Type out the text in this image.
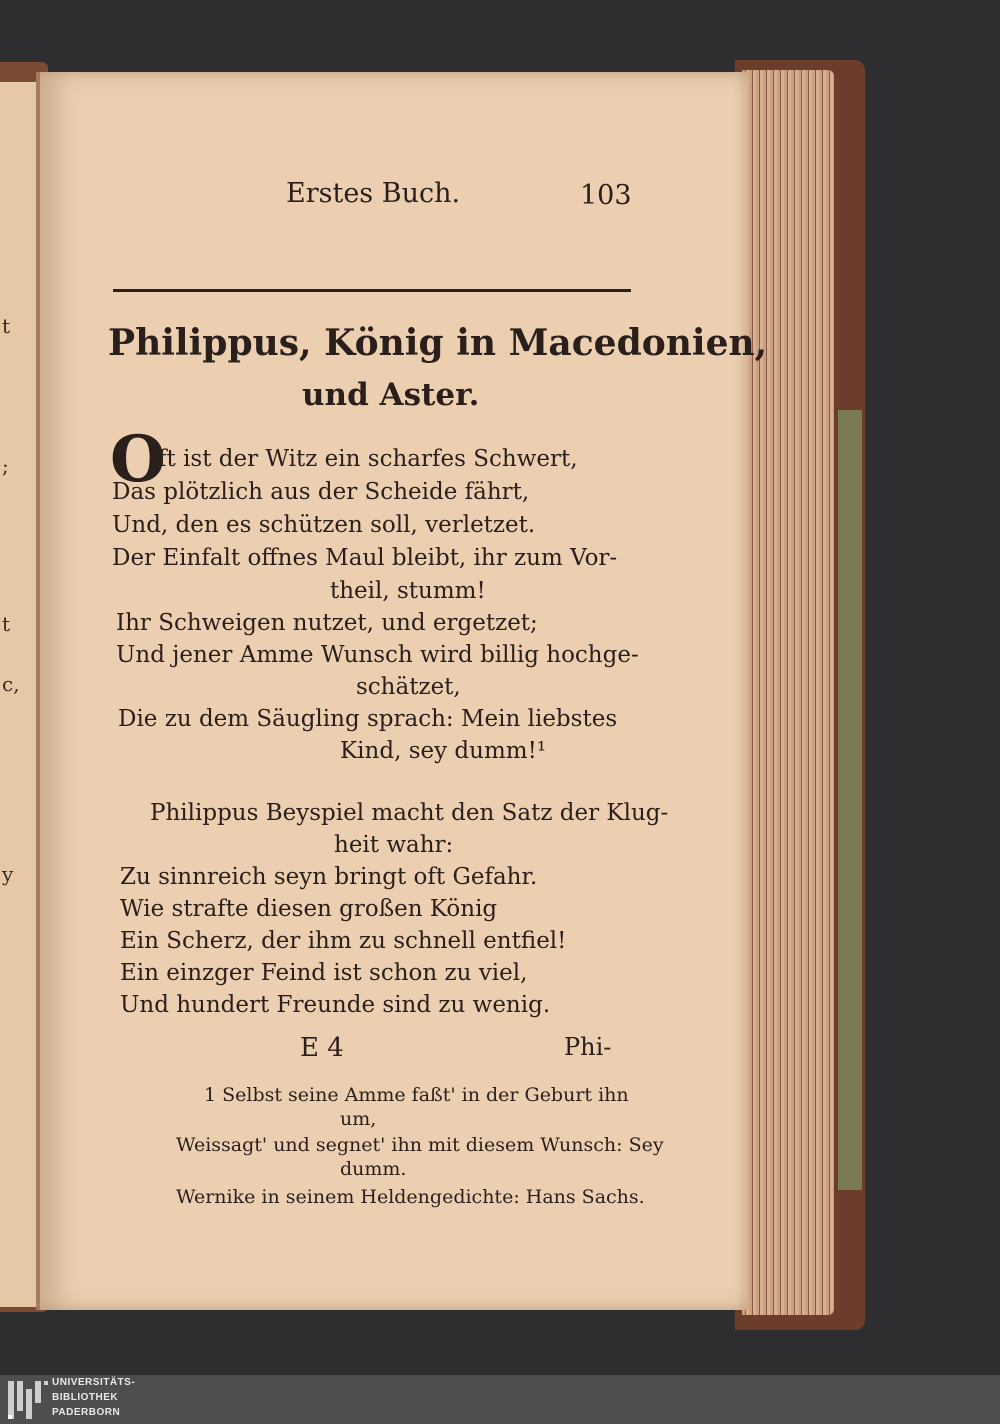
t
;
t
c,
y
Erstes Buch.	103
Philippus, König in Macedonien,
und Aster.
O
ft ist der Witz ein scharfes Schwert,
Das plötzlich aus der Scheide fährt,
Und, den es schützen soll, verletzet.
Der Einfalt offnes Maul bleibt, ihr zum Vor-
theil, stumm!
Ihr Schweigen nutzet, und ergetzet;
Und jener Amme Wunsch wird billig hochge-
schätzet,
Die zu dem Säugling sprach: Mein liebstes
Kind, sey dumm!¹
Philippus Beyspiel macht den Satz der Klug-
heit wahr:
Zu sinnreich seyn bringt oft Gefahr.
Wie strafte diesen großen König
Ein Scherz, der ihm zu schnell entfiel!
Ein einzger Feind ist schon zu viel,
Und hundert Freunde sind zu wenig.
E 4	Phi-
1 Selbst seine Amme faßt' in der Geburt ihn
um,
Weissagt' und segnet' ihn mit diesem Wunsch: Sey
dumm.
Wernike in seinem Heldengedichte: Hans Sachs.
UNIVERSITÄTS-
BIBLIOTHEK
PADERBORN
